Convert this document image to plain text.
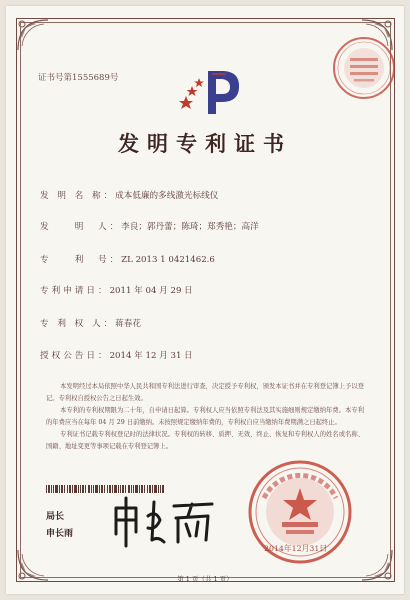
证书号第1555689号
发明专利证书
发 明 名 称：成本低廉的多线激光标线仪
发　　明　人：李良；郭丹蕾；陈琦；郑秀艳；高洋
专　　利　号：ZL 2013 1 0421462.6
专利申请日：2011 年 04 月 29 日
专 利 权 人：蒋春花
授权公告日：2014 年 12 月 31 日
本发明经过本局依照中华人民共和国专利法进行审查，决定授予专利权，颁发本证书并在专利登记簿上予以登记。专利权自授权公告之日起生效。
本专利的专利权期限为二十年，自申请日起算。专利权人应当依照专利法及其实施细则规定缴纳年费。本专利的年费应当在每年 04 月 29 日前缴纳。未按照规定缴纳年费的，专利权自应当缴纳年费期满之日起终止。
专利证书记载专利权登记时的法律状况。专利权的转移、质押、无效、终止、恢复和专利权人的姓名或名称、国籍、地址变更等事项记载在专利登记簿上。
局长
申长雨
2014年12月31日
第 1 页（共 1 页）
